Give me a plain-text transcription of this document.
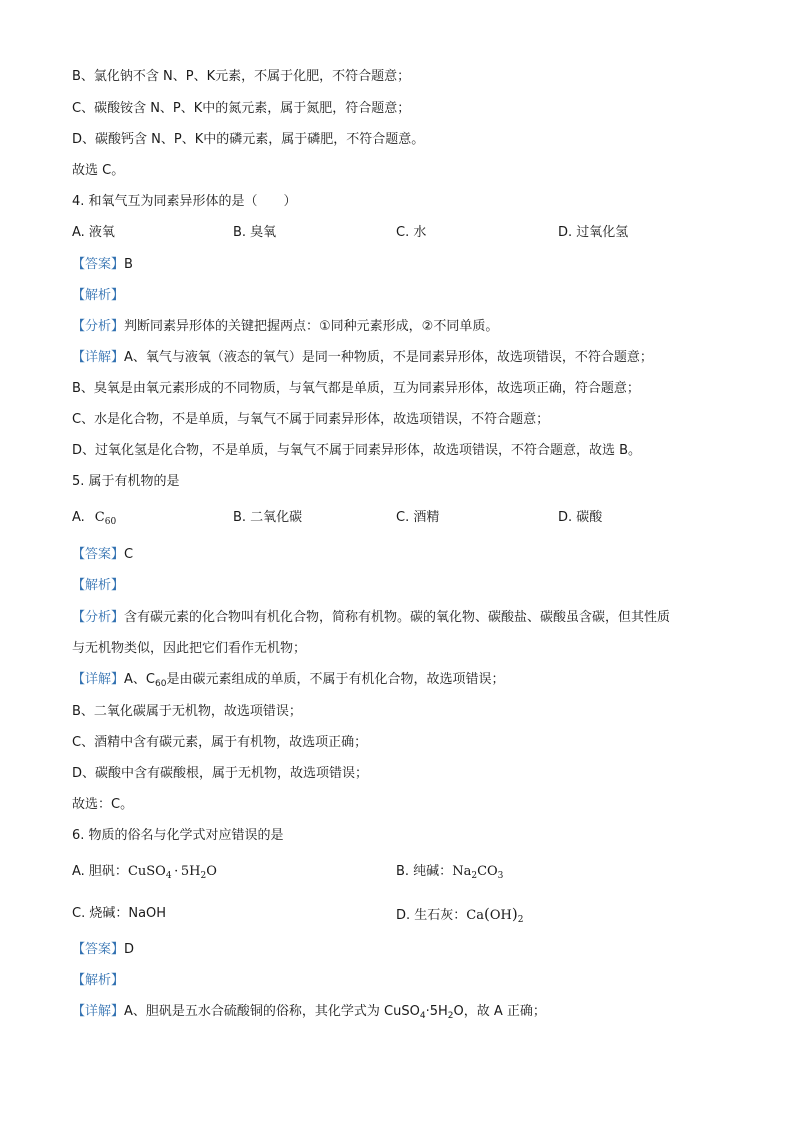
B、氯化钠不含 N、P、K元素，不属于化肥，不符合题意；
C、碳酸铵含 N、P、K中的氮元素，属于氮肥，符合题意；
D、碳酸钙含 N、P、K中的磷元素，属于磷肥，不符合题意。
故选 C。
4. 和氧气互为同素异形体的是（　　）
A. 液氧	B. 臭氧	C. 水	D. 过氧化氢
【答案】B
【解析】
【分析】判断同素异形体的关键把握两点：①同种元素形成，②不同单质。
【详解】A、氧气与液氧（液态的氧气）是同一种物质，不是同素异形体，故选项错误，不符合题意；
B、臭氧是由氧元素形成的不同物质，与氧气都是单质，互为同素异形体，故选项正确，符合题意；
C、水是化合物，不是单质，与氧气不属于同素异形体，故选项错误，不符合题意；
D、过氧化氢是化合物，不是单质，与氧气不属于同素异形体，故选项错误，不符合题意，故选 B。
5. 属于有机物的是
A. $C_{60}$	B. 二氧化碳	C. 酒精	D. 碳酸
【答案】C
【解析】
【分析】含有碳元素的化合物叫有机化合物，简称有机物。碳的氧化物、碳酸盐、碳酸虽含碳，但其性质
与无机物类似，因此把它们看作无机物；
【详解】A、$C_{60}$是由碳元素组成的单质，不属于有机化合物，故选项错误；
B、二氧化碳属于无机物，故选项错误；
C、酒精中含有碳元素，属于有机物，故选项正确；
D、碳酸中含有碳酸根，属于无机物，故选项错误；
故选：C。
6. 物质的俗名与化学式对应错误的是
A. 胆矾：CuSO$_4$ · $5H_2O$	B. 纯碱：$Na_2CO_3$
C. 烧碱：NaOH	D. 生石灰：$Ca(OH)_2$
【答案】D
【解析】
【详解】A、胆矾是五水合硫酸铜的俗称，其化学式为 $CuSO_4\cdot 5H_2O$，故 A 正确；
